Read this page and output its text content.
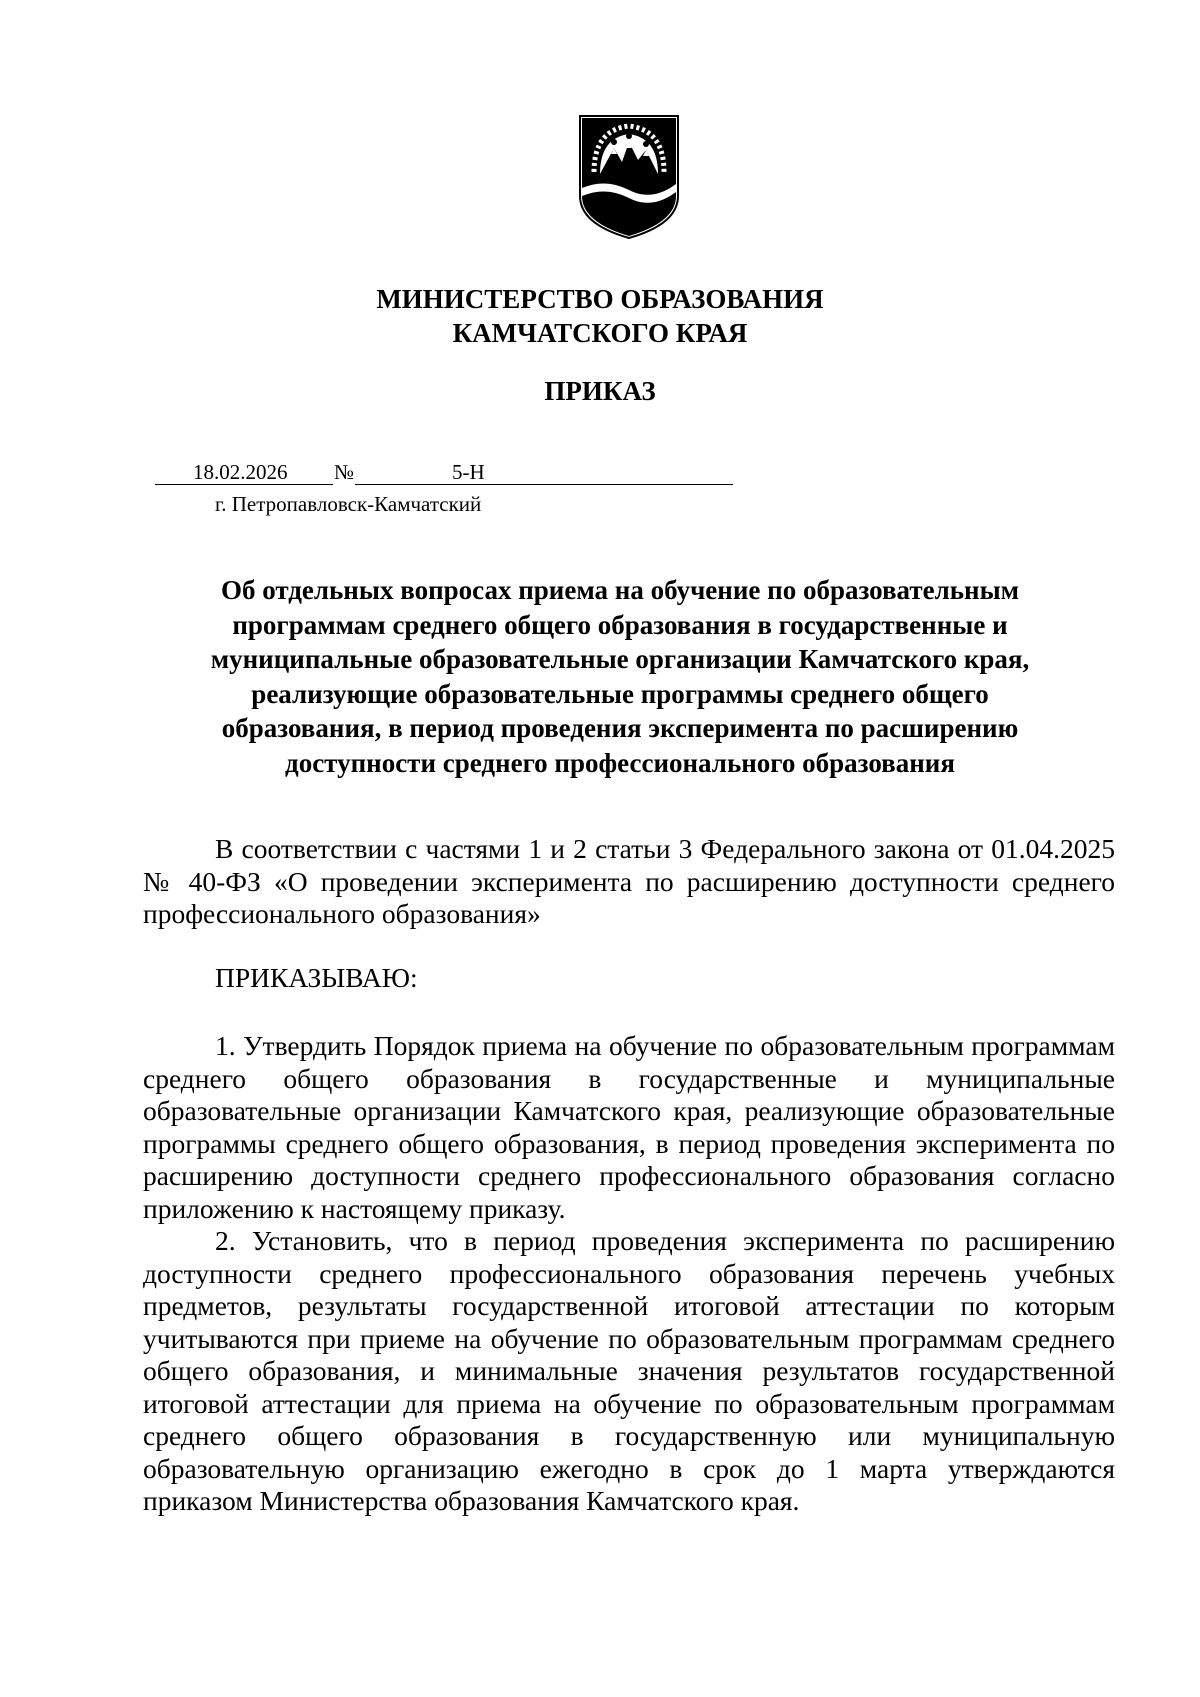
МИНИСТЕРСТВО ОБРАЗОВАНИЯ
КАМЧАТСКОГО КРАЯ
ПРИКАЗ
18.02.2026 №	5-Н
г. Петропавловск-Камчатский
Об отдельных вопросах приема на обучение по образовательным
программам среднего общего образования в государственные и
муниципальные образовательные организации Камчатского края,
реализующие образовательные программы среднего общего
образования, в период проведения эксперимента по расширению
доступности среднего профессионального образования
В соответствии с частями 1 и 2 статьи 3 Федерального закона от 01.04.2025 № 40-ФЗ «О проведении эксперимента по расширению доступности среднего профессионального образования»
ПРИКАЗЫВАЮ:
1. Утвердить Порядок приема на обучение по образовательным программам среднего общего образования в государственные и муниципальные образовательные организации Камчатского края, реализующие образовательные программы среднего общего образования, в период проведения эксперимента по расширению доступности среднего профессионального образования согласно приложению к настоящему приказу.
2. Установить, что в период проведения эксперимента по расширению доступности среднего профессионального образования перечень учебных предметов, результаты государственной итоговой аттестации по которым учитываются при приеме на обучение по образовательным программам среднего общего образования, и минимальные значения результатов государственной итоговой аттестации для приема на обучение по образовательным программам среднего общего образования в государственную или муниципальную образовательную организацию ежегодно в срок до 1 марта утверждаются приказом Министерства образования Камчатского края.
